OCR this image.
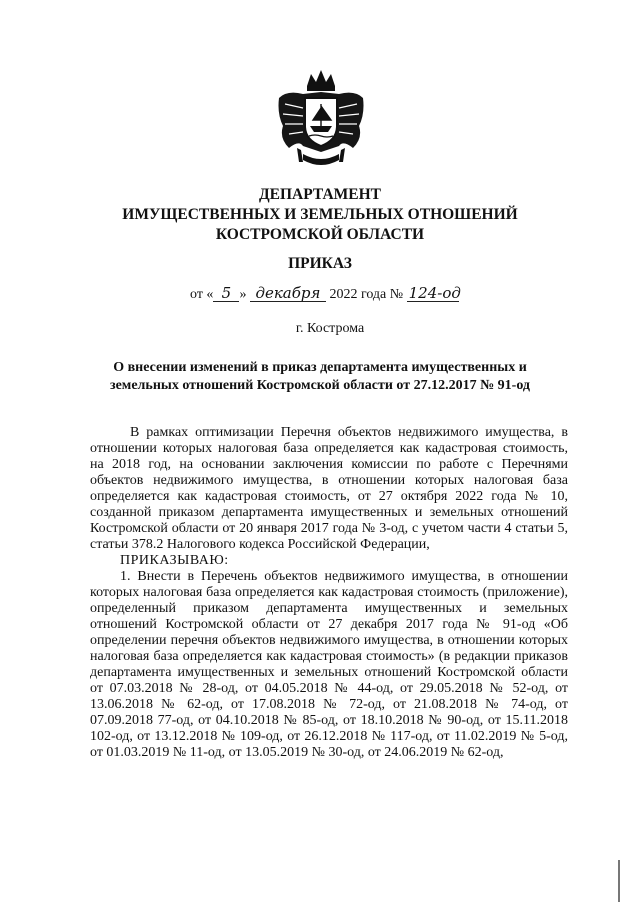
ДЕПАРТАМЕНТ
ИМУЩЕСТВЕННЫХ И ЗЕМЕЛЬНЫХ ОТНОШЕНИЙ
КОСТРОМСКОЙ ОБЛАСТИ
ПРИКАЗ
от « 5 » декабря 2022 года № 124-од
г. Кострома
О внесении изменений в приказ департамента имущественных и
земельных отношений Костромской области от 27.12.2017 № 91-од

В рамках оптимизации Перечня объектов недвижимого имущества, в отношении которых налоговая база определяется как кадастровая стоимость, на 2018 год, на основании заключения комиссии по работе с Перечнями объектов недвижимого имущества, в отношении которых налоговая база определяется как кадастровая стоимость, от 27 октября 2022 года № 10, созданной приказом департамента имущественных и земельных отношений Костромской области от 20 января 2017 года № 3-од, с учетом части 4 статьи 5, статьи 378.2 Налогового кодекса Российской Федерации,

ПРИКАЗЫВАЮ:

1. Внести в Перечень объектов недвижимого имущества, в отношении которых налоговая база определяется как кадастровая стоимость (приложение), определенный приказом департамента имущественных и земельных отношений Костромской области от 27 декабря 2017 года № 91-од «Об определении перечня объектов недвижимого имущества, в отношении которых налоговая база определяется как кадастровая стоимость» (в редакции приказов департамента имущественных и земельных отношений Костромской области от 07.03.2018 № 28-од, от 04.05.2018 № 44-од, от 29.05.2018 № 52-од, от 13.06.2018 № 62-од, от 17.08.2018 № 72-од, от 21.08.2018 № 74-од, от 07.09.2018 77-од, от 04.10.2018 № 85-од, от 18.10.2018 № 90-од, от 15.11.2018 102-од, от 13.12.2018 № 109-од, от 26.12.2018 № 117-од, от 11.02.2019 № 5-од, от 01.03.2019 № 11-од, от 13.05.2019 № 30-од, от 24.06.2019 № 62-од,
